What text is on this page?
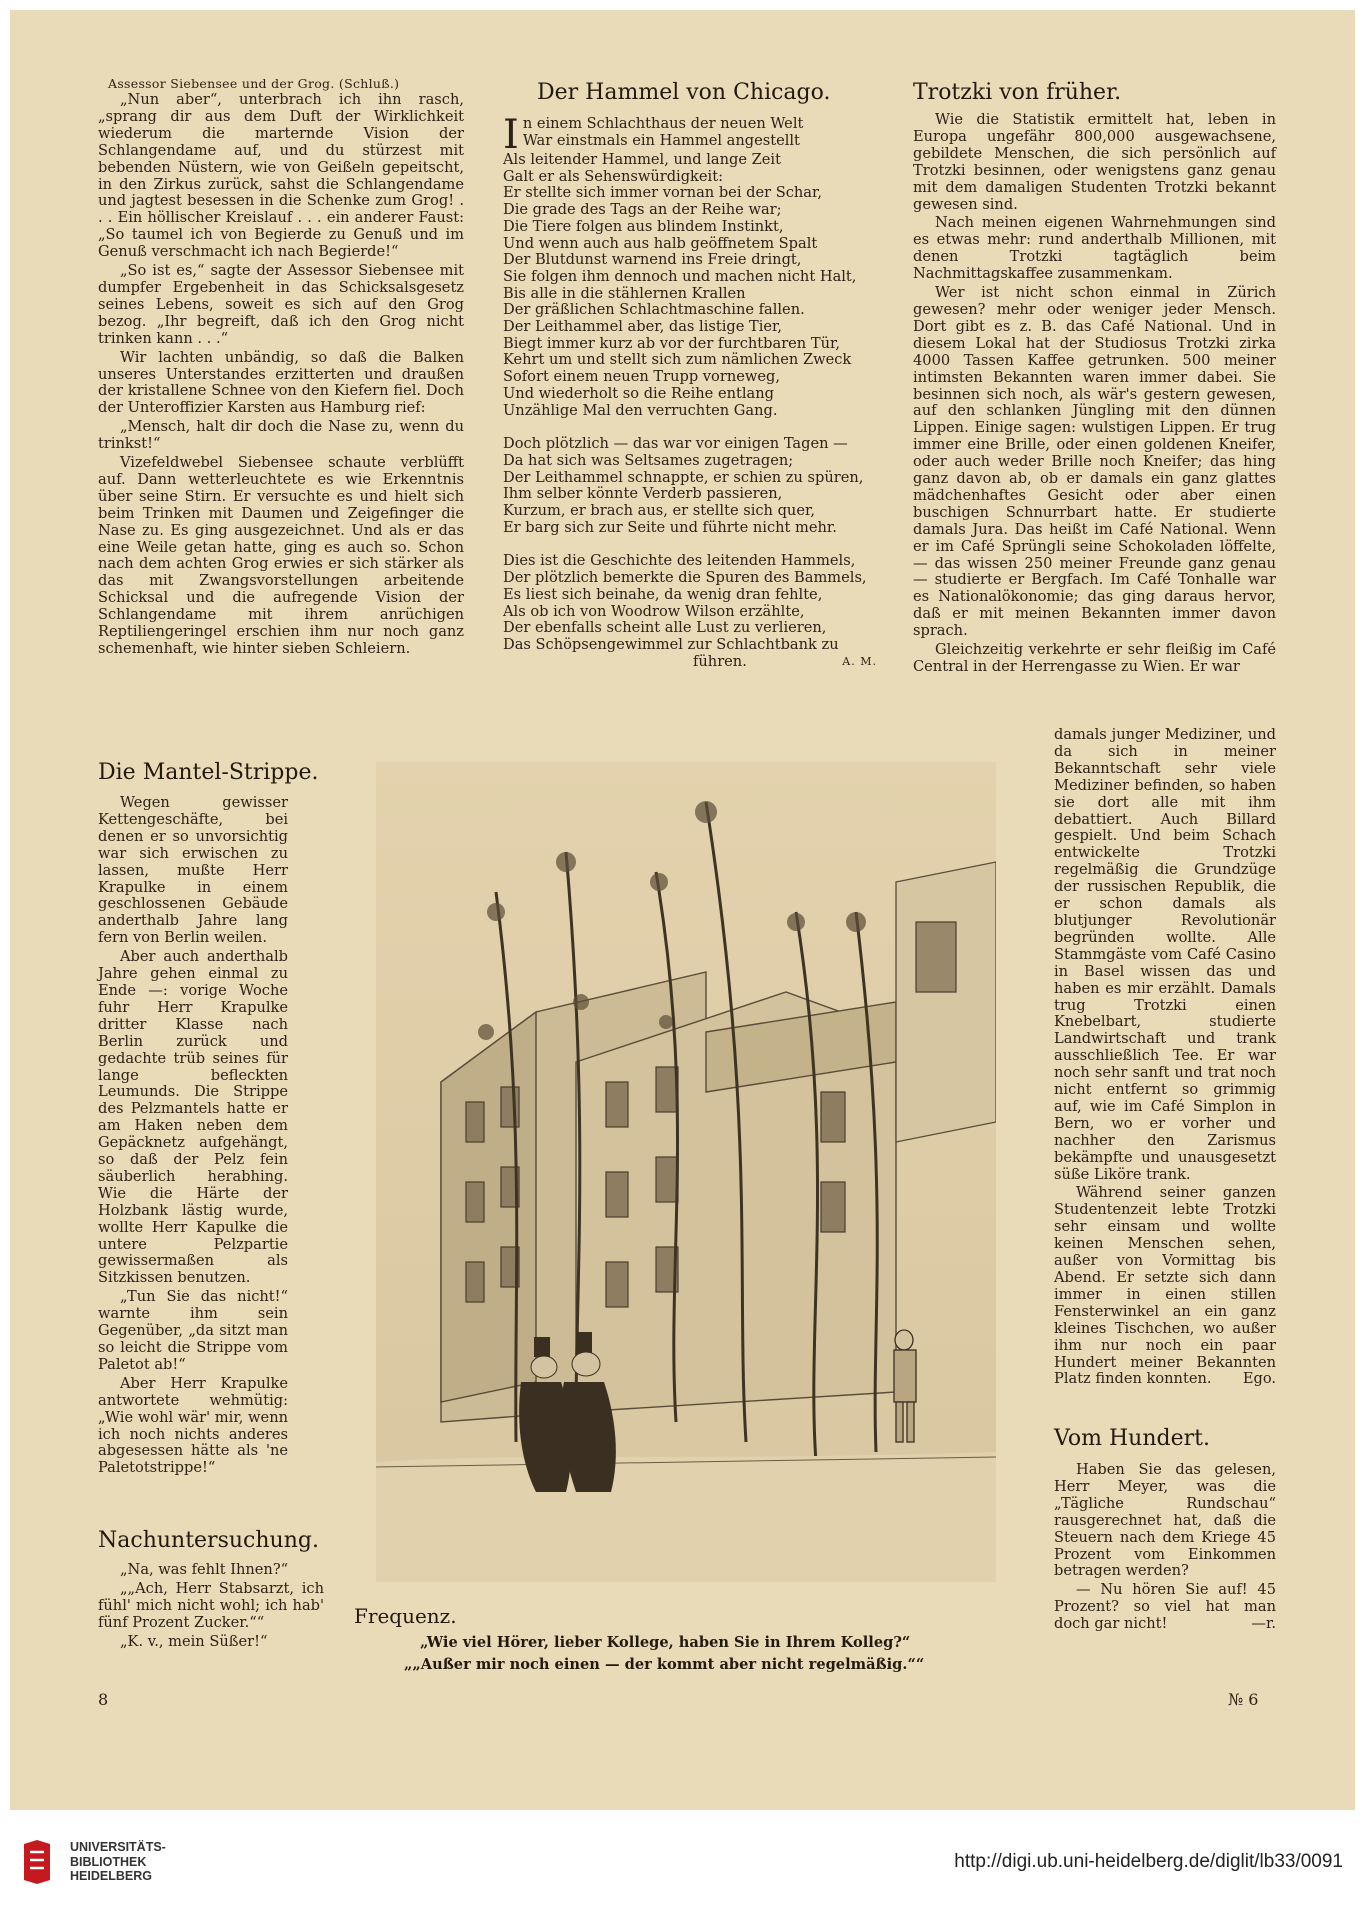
Assessor Siebensee und der Grog. (Schluß.)

„Nun aber“, unterbrach ich ihn rasch, „sprang dir aus dem Duft der Wirklichkeit wiederum die marternde Vision der Schlangendame auf, und du stürzest mit bebenden Nüstern, wie von Geißeln gepeitscht, in den Zirkus zurück, sahst die Schlangendame und jagtest besessen in die Schenke zum Grog! . . . Ein höllischer Kreislauf . . . ein anderer Faust: „So taumel ich von Begierde zu Genuß und im Genuß verschmacht ich nach Begierde!“

„So ist es,“ sagte der Assessor Siebensee mit dumpfer Ergebenheit in das Schicksalsgesetz seines Lebens, soweit es sich auf den Grog bezog. „Ihr begreift, daß ich den Grog nicht trinken kann . . .“

Wir lachten unbändig, so daß die Balken unseres Unterstandes erzitterten und draußen der kristallene Schnee von den Kiefern fiel. Doch der Unteroffizier Karsten aus Hamburg rief:

„Mensch, halt dir doch die Nase zu, wenn du trinkst!“

Vizefeldwebel Siebensee schaute verblüfft auf. Dann wetterleuchtete es wie Erkenntnis über seine Stirn. Er versuchte es und hielt sich beim Trinken mit Daumen und Zeigefinger die Nase zu. Es ging ausgezeichnet. Und als er das eine Weile getan hatte, ging es auch so. Schon nach dem achten Grog erwies er sich stärker als das mit Zwangsvorstellungen arbeitende Schicksal und die aufregende Vision der Schlangendame mit ihrem anrüchigen Reptiliengeringel erschien ihm nur noch ganz schemenhaft, wie hinter sieben Schleiern.

Die Mantel-Strippe.

Wegen gewisser Kettengeschäfte, bei denen er so unvorsichtig war sich erwischen zu lassen, mußte Herr Krapulke in einem geschlossenen Gebäude anderthalb Jahre lang fern von Berlin weilen.

Aber auch anderthalb Jahre gehen einmal zu Ende —: vorige Woche fuhr Herr Krapulke dritter Klasse nach Berlin zurück und gedachte trüb seines für lange befleckten Leumunds. Die Strippe des Pelzmantels hatte er am Haken neben dem Gepäcknetz aufgehängt, so daß der Pelz fein säuberlich herabhing. Wie die Härte der Holzbank lästig wurde, wollte Herr Kapulke die untere Pelzpartie gewissermaßen als Sitzkissen benutzen.

„Tun Sie das nicht!“ warnte ihm sein Gegenüber, „da sitzt man so leicht die Strippe vom Paletot ab!“

Aber Herr Krapulke antwortete wehmütig: „Wie wohl wär' mir, wenn ich noch nichts anderes abgesessen hätte als 'ne Paletotstrippe!“

Nachuntersuchung.

„Na, was fehlt Ihnen?“

„„Ach, Herr Stabsarzt, ich fühl' mich nicht wohl; ich hab' fünf Prozent Zucker.““

„K. v., mein Süßer!“

Der Hammel von Chicago.
In einem Schlachthaus der neuen Welt
War einstmals ein Hammel angestellt
Als leitender Hammel, und lange Zeit
Galt er als Sehenswürdigkeit:
Er stellte sich immer vornan bei der Schar,
Die grade des Tags an der Reihe war;
Die Tiere folgen aus blindem Instinkt,
Und wenn auch aus halb geöffnetem Spalt
Der Blutdunst warnend ins Freie dringt,
Sie folgen ihm dennoch und machen nicht Halt,
Bis alle in die stählernen Krallen
Der gräßlichen Schlachtmaschine fallen.
Der Leithammel aber, das listige Tier,
Biegt immer kurz ab vor der furchtbaren Tür,
Kehrt um und stellt sich zum nämlichen Zweck
Sofort einem neuen Trupp vorneweg,
Und wiederholt so die Reihe entlang
Unzählige Mal den verruchten Gang.
Doch plötzlich — das war vor einigen Tagen —
Da hat sich was Seltsames zugetragen;
Der Leithammel schnappte, er schien zu spüren,
Ihm selber könnte Verderb passieren,
Kurzum, er brach aus, er stellte sich quer,
Er barg sich zur Seite und führte nicht mehr.
Dies ist die Geschichte des leitenden Hammels,
Der plötzlich bemerkte die Spuren des Bammels,
Es liest sich beinahe, da wenig dran fehlte,
Als ob ich von Woodrow Wilson erzählte,
Der ebenfalls scheint alle Lust zu verlieren,
Das Schöpsengewimmel zur Schlachtbank zu
führen.	A. M.
Trotzki von früher.

Wie die Statistik ermittelt hat, leben in Europa ungefähr 800,000 ausgewachsene, gebildete Menschen, die sich persönlich auf Trotzki besinnen, oder wenigstens ganz genau mit dem damaligen Studenten Trotzki bekannt gewesen sind.

Nach meinen eigenen Wahrnehmungen sind es etwas mehr: rund anderthalb Millionen, mit denen Trotzki tagtäglich beim Nachmittagskaffee zusammenkam.

Wer ist nicht schon einmal in Zürich gewesen? mehr oder weniger jeder Mensch. Dort gibt es z. B. das Café National. Und in diesem Lokal hat der Studiosus Trotzki zirka 4000 Tassen Kaffee getrunken. 500 meiner intimsten Bekannten waren immer dabei. Sie besinnen sich noch, als wär's gestern gewesen, auf den schlanken Jüngling mit den dünnen Lippen. Einige sagen: wulstigen Lippen. Er trug immer eine Brille, oder einen goldenen Kneifer, oder auch weder Brille noch Kneifer; das hing ganz davon ab, ob er damals ein ganz glattes mädchenhaftes Gesicht oder aber einen buschigen Schnurrbart hatte. Er studierte damals Jura. Das heißt im Café National. Wenn er im Café Sprüngli seine Schokoladen löffelte, — das wissen 250 meiner Freunde ganz genau — studierte er Bergfach. Im Café Tonhalle war es Nationalökonomie; das ging daraus hervor, daß er mit meinen Bekannten immer davon sprach.

Gleichzeitig verkehrte er sehr fleißig im Café Central in der Herrengasse zu Wien. Er war

damals junger Mediziner, und da sich in meiner Bekanntschaft sehr viele Mediziner befinden, so haben sie dort alle mit ihm debattiert. Auch Billard gespielt. Und beim Schach entwickelte Trotzki regelmäßig die Grundzüge der russischen Republik, die er schon damals als blutjunger Revolutionär begründen wollte. Alle Stammgäste vom Café Casino in Basel wissen das und haben es mir erzählt. Damals trug Trotzki einen Knebelbart, studierte Landwirtschaft und trank ausschließlich Tee. Er war noch sehr sanft und trat noch nicht entfernt so grimmig auf, wie im Café Simplon in Bern, wo er vorher und nachher den Zarismus bekämpfte und unausgesetzt süße Liköre trank.

Während seiner ganzen Studentenzeit lebte Trotzki sehr einsam und wollte keinen Menschen sehen, außer von Vormittag bis Abend. Er setzte sich dann immer in einen stillen Fensterwinkel an ein ganz kleines Tischchen, wo außer ihm nur noch ein paar Hundert meiner Bekannten Platz finden konnten.	Ego.

Vom Hundert.

Haben Sie das gelesen, Herr Meyer, was die „Tägliche Rundschau“ rausgerechnet hat, daß die Steuern nach dem Kriege 45 Prozent vom Einkommen betragen werden?

— Nu hören Sie auf! 45 Prozent? so viel hat man doch gar nicht!	—r.

Frequenz.
„Wie viel Hörer, lieber Kollege, haben Sie in Ihrem Kolleg?“
„„Außer mir noch einen — der kommt aber nicht regelmäßig.““
8	№ 6
UNIVERSITÄTS-
BIBLIOTHEK
HEIDELBERG
http://digi.ub.uni-heidelberg.de/diglit/lb33/0091
